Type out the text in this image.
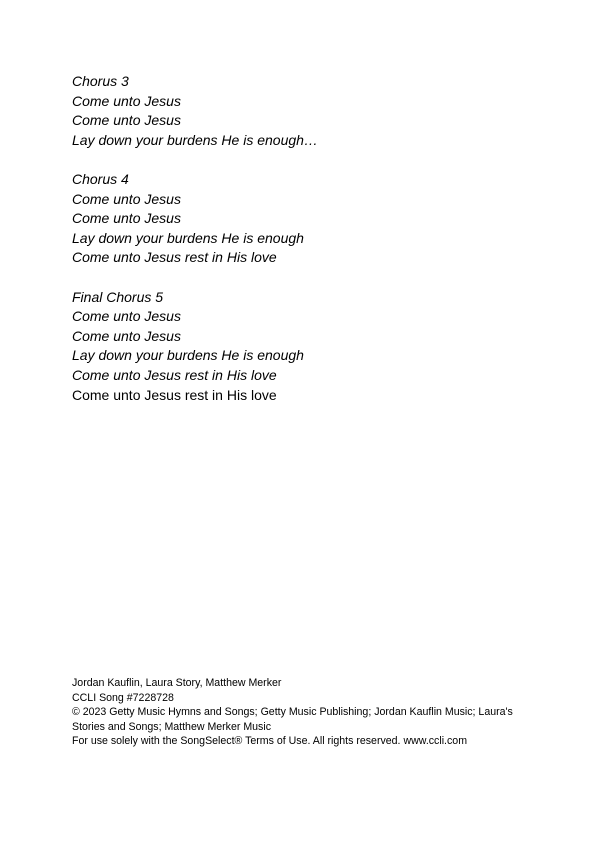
Chorus 3
Come unto Jesus
Come unto Jesus
Lay down your burdens He is enough…
Chorus 4
Come unto Jesus
Come unto Jesus
Lay down your burdens He is enough
Come unto Jesus rest in His love
Final Chorus 5
Come unto Jesus
Come unto Jesus
Lay down your burdens He is enough
Come unto Jesus rest in His love
Come unto Jesus rest in His love
Jordan Kauflin, Laura Story, Matthew Merker
CCLI Song #7228728
© 2023 Getty Music Hymns and Songs; Getty Music Publishing; Jordan Kauflin Music; Laura's
Stories and Songs; Matthew Merker Music
For use solely with the SongSelect® Terms of Use. All rights reserved. www.ccli.com
